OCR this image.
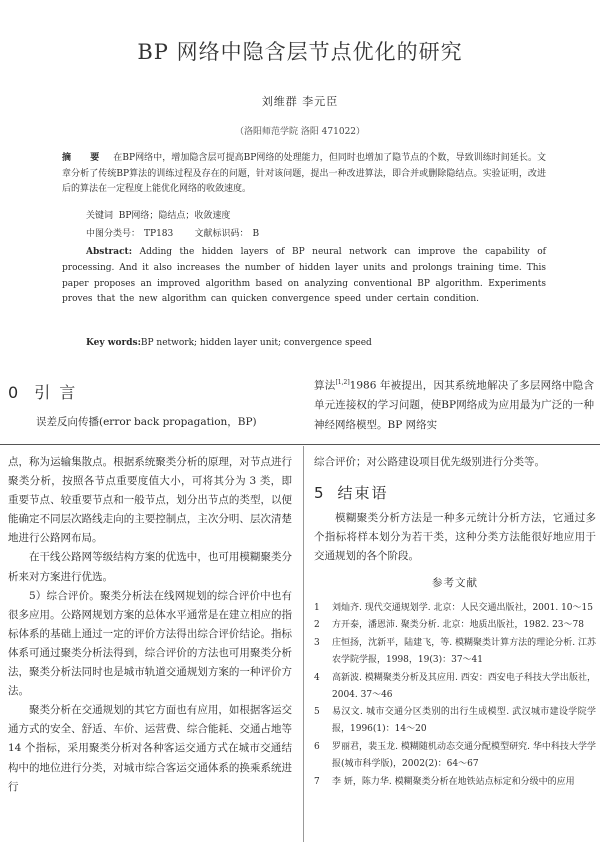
BP 网络中隐含层节点优化的研究
刘维群 李元臣
（洛阳师范学院 洛阳 471022）

摘 要 在BP网络中，增加隐含层可提高BP网络的处理能力，但同时也增加了隐节点的个数，导致训练时间延长。文章分析了传统BP算法的训练过程及存在的问题，针对该问题，提出一种改进算法，即合并或删除隐结点。实验证明，改进后的算法在一定程度上能优化网络的收敛速度。

关键词 BP网络；隐结点；收敛速度
中图分类号： TP183 文献标识码： B

Abstract: Adding the hidden layers of BP neural network can improve the capability of processing. And it also increases the number of hidden layer units and prolongs training time. This paper proposes an improved algorithm based on analyzing conventional BP algorithm. Experiments proves that the new algorithm can quicken convergence speed under certain condition.

Key words:BP network; hidden layer unit; convergence speed
0 引 言
误差反向传播(error back propagation，BP)

算法[1,2]1986 年被提出，因其系统地解决了多层网络中隐含单元连接权的学习问题，使BP网络成为应用最为广泛的一种神经网络模型。BP 网络实

点，称为运输集散点。根据系统聚类分析的原理，对节点进行聚类分析，按照各节点重要度值大小，可将其分为 3 类，即重要节点、较重要节点和一般节点，划分出节点的类型，以便能确定不同层次路线走向的主要控制点，主次分明、层次清楚地进行公路网布局。

在干线公路网等级结构方案的优选中，也可用模糊聚类分析来对方案进行优选。

5）综合评价。聚类分析法在线网规划的综合评价中也有很多应用。公路网规划方案的总体水平通常是在建立相应的指标体系的基础上通过一定的评价方法得出综合评价结论。指标体系可通过聚类分析法得到，综合评价的方法也可用聚类分析法，聚类分析法同时也是城市轨道交通规划方案的一种评价方法。

聚类分析在交通规划的其它方面也有应用，如根据客运交通方式的安全、舒适、车价、运营费、综合能耗、交通占地等 14 个指标，采用聚类分析对各种客运交通方式在城市交通结构中的地位进行分类，对城市综合客运交通体系的换乘系统进行

综合评价；对公路建设项目优先级别进行分类等。

5 结束语

模糊聚类分析方法是一种多元统计分析方法，它通过多个指标将样本划分为若干类，这种分类方法能很好地应用于交通规划的各个阶段。

参考文献

1 刘灿齐. 现代交通规划学. 北京：人民交通出版社，2001. 10～15
2 方开泰，潘恩沛. 聚类分析. 北京：地质出版社，1982. 23～78
3 庄恒扬，沈新平，陆建飞，等. 模糊聚类计算方法的理论分析. 江苏农学院学报，1998，19(3)：37～41
4 高新波. 模糊聚类分析及其应用. 西安：西安电子科技大学出版社，2004. 37～46
5 易汉文. 城市交通分区类别的出行生成模型. 武汉城市建设学院学报，1996(1)：14～20
6 罗丽君，裴玉龙. 模糊随机动态交通分配模型研究. 华中科技大学学报(城市科学版)，2002(2)：64～67
7 李 妍，陈力华. 模糊聚类分析在地铁站点标定和分级中的应用
